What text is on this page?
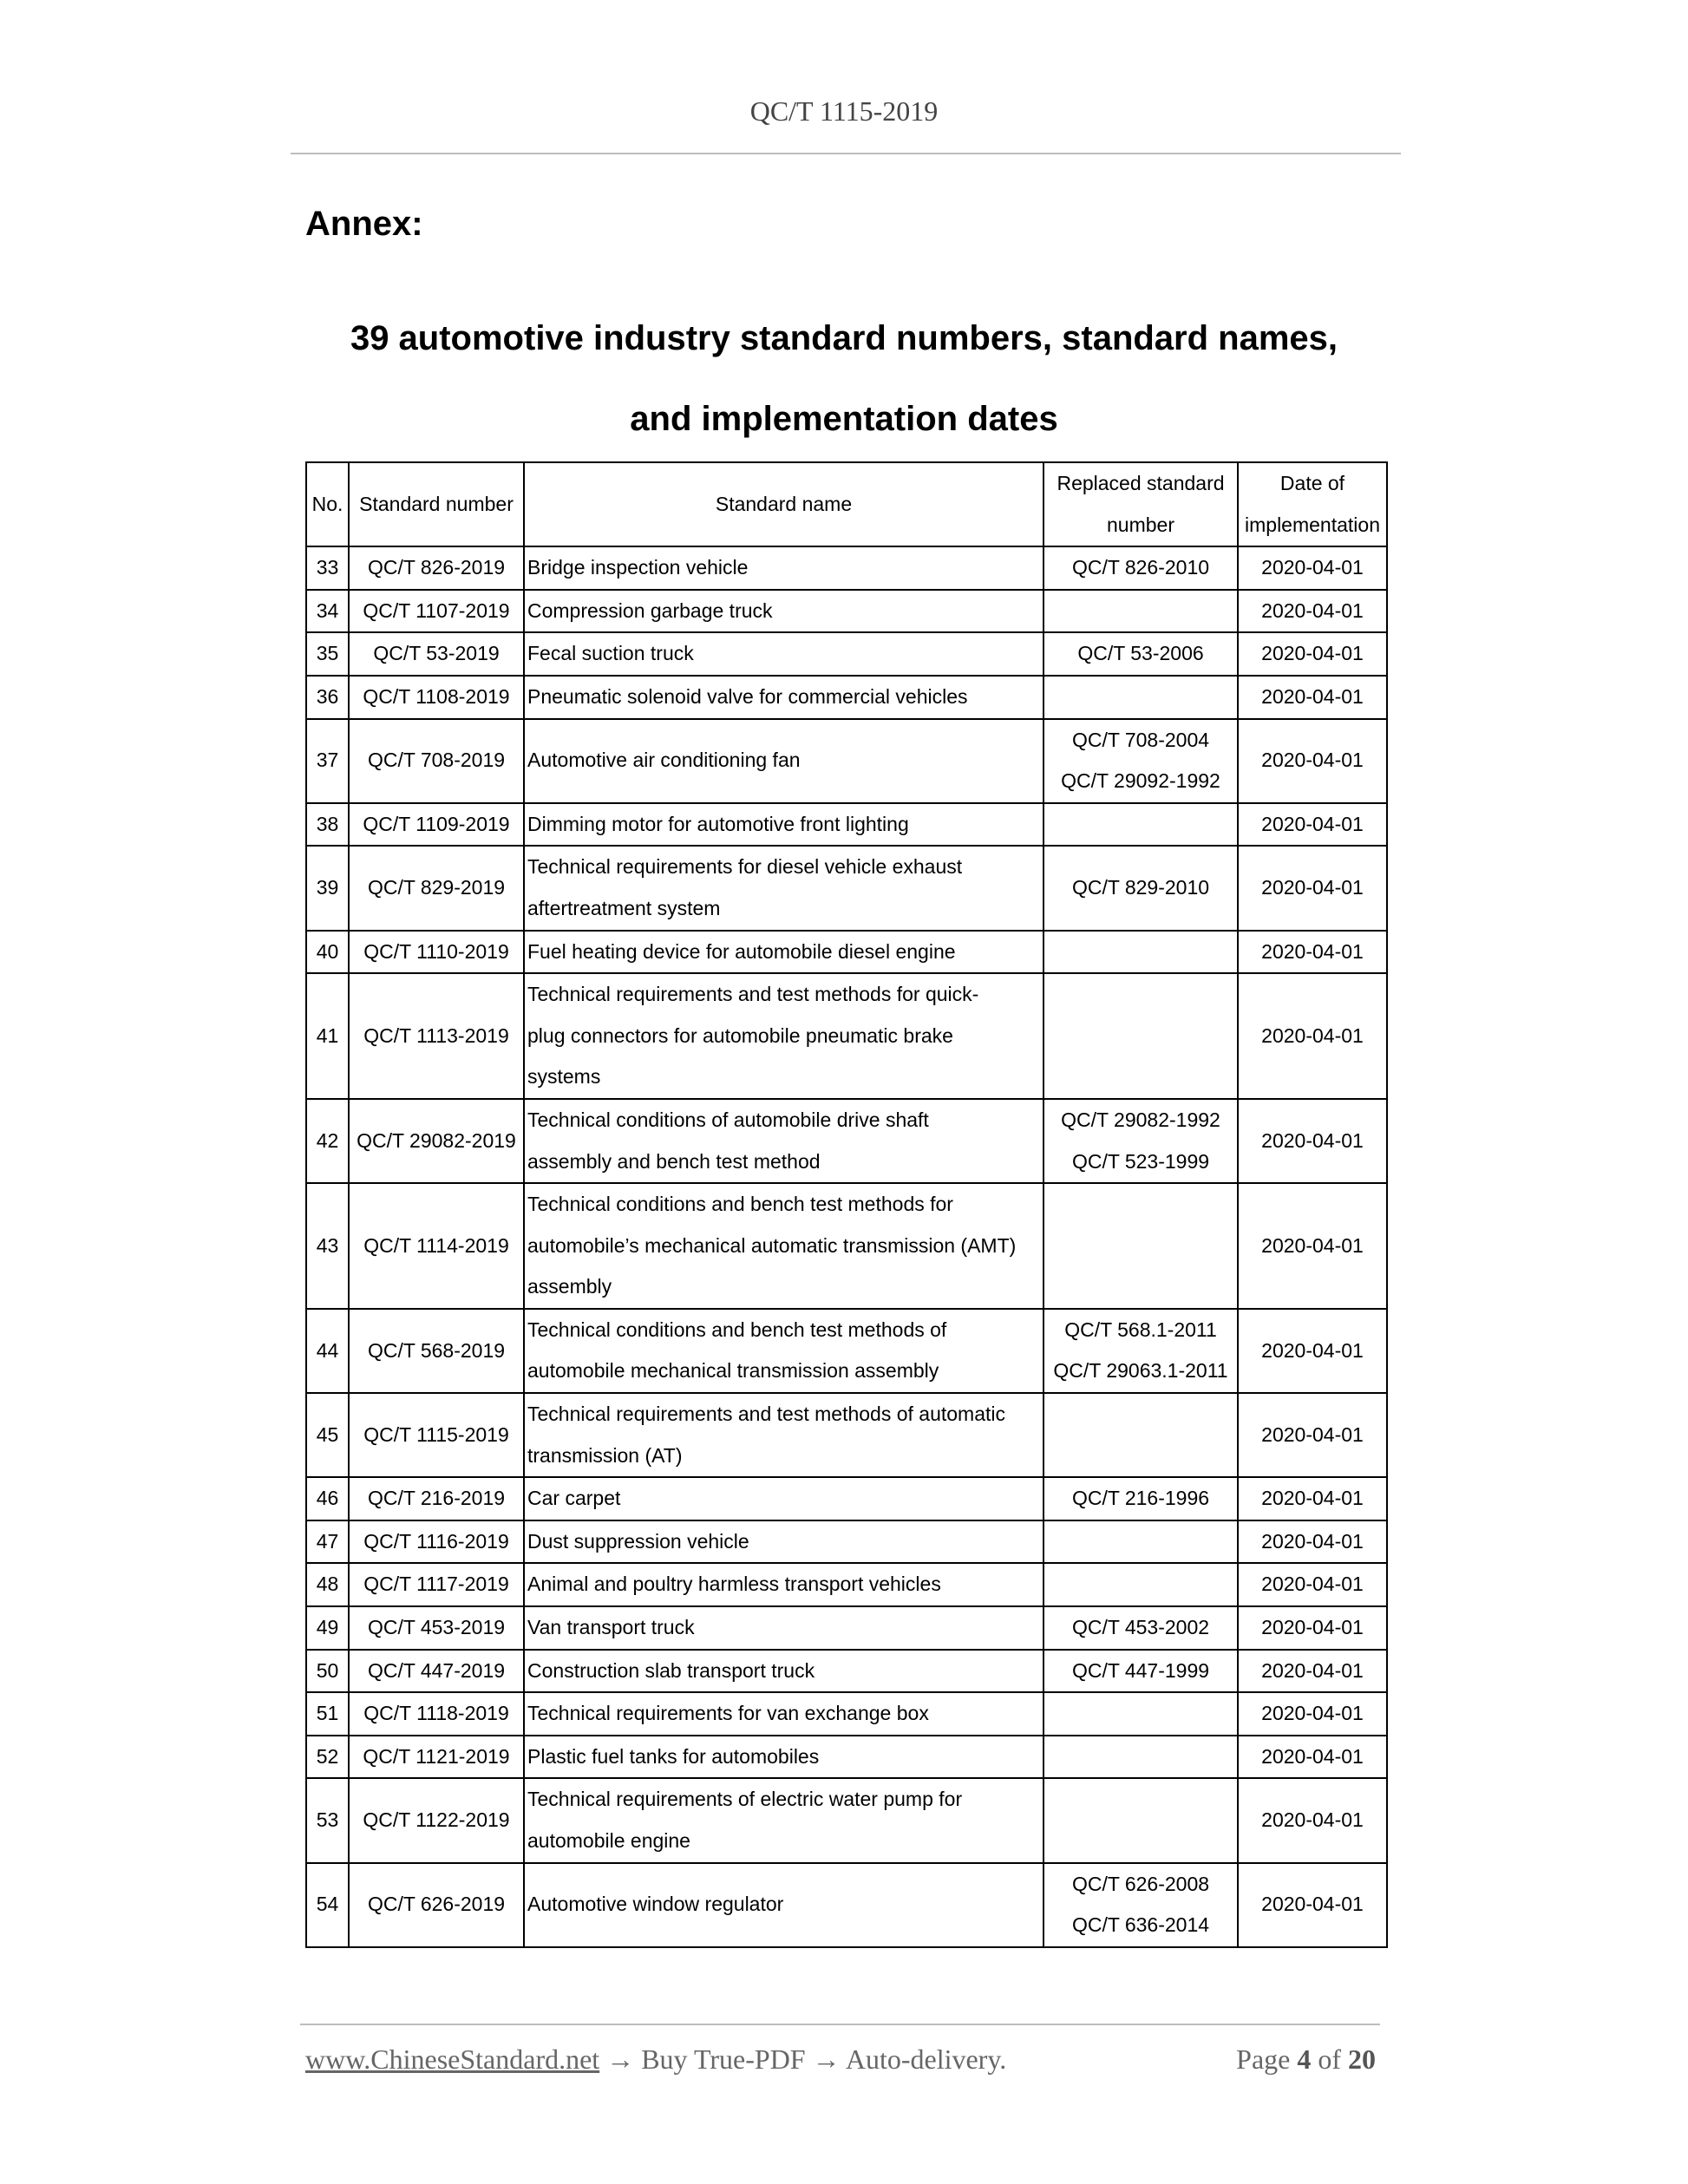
QC/T 1115-2019
Annex:
39 automotive industry standard numbers, standard names,
and implementation dates
No.	Standard number	Standard name	Replaced standard
number	Date of
implementation

33	QC/T 826-2019	Bridge inspection vehicle	QC/T 826-2010	2020-04-01
34	QC/T 1107-2019	Compression garbage truck		2020-04-01
35	QC/T 53-2019	Fecal suction truck	QC/T 53-2006	2020-04-01
36	QC/T 1108-2019	Pneumatic solenoid valve for commercial vehicles		2020-04-01
37	QC/T 708-2019	Automotive air conditioning fan	QC/T 708-2004
QC/T 29092-1992	2020-04-01
38	QC/T 1109-2019	Dimming motor for automotive front lighting		2020-04-01
39	QC/T 829-2019	Technical requirements for diesel vehicle exhaust
aftertreatment system	QC/T 829-2010	2020-04-01
40	QC/T 1110-2019	Fuel heating device for automobile diesel engine		2020-04-01
41	QC/T 1113-2019	Technical requirements and test methods for quick-
plug connectors for automobile pneumatic brake
systems		2020-04-01
42	QC/T 29082-2019	Technical conditions of automobile drive shaft
assembly and bench test method	QC/T 29082-1992
QC/T 523-1999	2020-04-01
43	QC/T 1114-2019	Technical conditions and bench test methods for
automobile’s mechanical automatic transmission (AMT)
assembly		2020-04-01
44	QC/T 568-2019	Technical conditions and bench test methods of
automobile mechanical transmission assembly	QC/T 568.1-2011
QC/T 29063.1-2011	2020-04-01
45	QC/T 1115-2019	Technical requirements and test methods of automatic
transmission (AT)		2020-04-01
46	QC/T 216-2019	Car carpet	QC/T 216-1996	2020-04-01
47	QC/T 1116-2019	Dust suppression vehicle		2020-04-01
48	QC/T 1117-2019	Animal and poultry harmless transport vehicles		2020-04-01
49	QC/T 453-2019	Van transport truck	QC/T 453-2002	2020-04-01
50	QC/T 447-2019	Construction slab transport truck	QC/T 447-1999	2020-04-01
51	QC/T 1118-2019	Technical requirements for van exchange box		2020-04-01
52	QC/T 1121-2019	Plastic fuel tanks for automobiles		2020-04-01
53	QC/T 1122-2019	Technical requirements of electric water pump for
automobile engine		2020-04-01
54	QC/T 626-2019	Automotive window regulator	QC/T 626-2008
QC/T 636-2014	2020-04-01
www.ChineseStandard.net → Buy True-PDF → Auto-delivery.	Page 4 of 20
